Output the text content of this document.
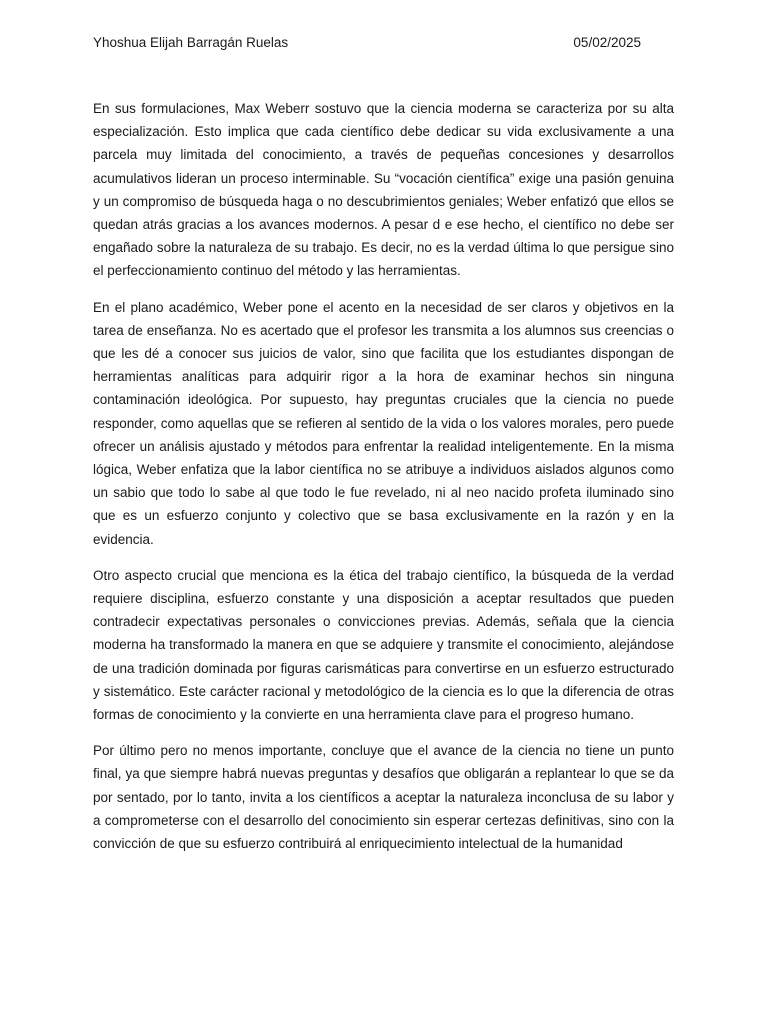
Yhoshua Elijah Barragán Ruelas	05/02/2025

En sus formulaciones, Max Weberr sostuvo que la ciencia moderna se caracteriza por su alta especialización. Esto implica que cada científico debe dedicar su vida exclusivamente a una parcela muy limitada del conocimiento, a través de pequeñas concesiones y desarrollos acumulativos lideran un proceso interminable. Su “vocación científica” exige una pasión genuina y un compromiso de búsqueda haga o no descubrimientos geniales; Weber enfatizó que ellos se quedan atrás gracias a los avances modernos. A pesar d e ese hecho, el científico no debe ser engañado sobre la naturaleza de su trabajo. Es decir, no es la verdad última lo que persigue sino el perfeccionamiento continuo del método y las herramientas.

En el plano académico, Weber pone el acento en la necesidad de ser claros y objetivos en la tarea de enseñanza. No es acertado que el profesor les transmita a los alumnos sus creencias o que les dé a conocer sus juicios de valor, sino que facilita que los estudiantes dispongan de herramientas analíticas para adquirir rigor a la hora de examinar hechos sin ninguna contaminación ideológica. Por supuesto, hay preguntas cruciales que la ciencia no puede responder, como aquellas que se refieren al sentido de la vida o los valores morales, pero puede ofrecer un análisis ajustado y métodos para enfrentar la realidad inteligentemente. En la misma lógica, Weber enfatiza que la labor científica no se atribuye a individuos aislados algunos como un sabio que todo lo sabe al que todo le fue revelado, ni al neo nacido profeta iluminado sino que es un esfuerzo conjunto y colectivo que se basa exclusivamente en la razón y en la evidencia.

Otro aspecto crucial que menciona es la ética del trabajo científico, la búsqueda de la verdad requiere disciplina, esfuerzo constante y una disposición a aceptar resultados que pueden contradecir expectativas personales o convicciones previas. Además, señala que la ciencia moderna ha transformado la manera en que se adquiere y transmite el conocimiento, alejándose de una tradición dominada por figuras carismáticas para convertirse en un esfuerzo estructurado y sistemático. Este carácter racional y metodológico de la ciencia es lo que la diferencia de otras formas de conocimiento y la convierte en una herramienta clave para el progreso humano.

Por último pero no menos importante, concluye que el avance de la ciencia no tiene un punto final, ya que siempre habrá nuevas preguntas y desafíos que obligarán a replantear lo que se da por sentado, por lo tanto, invita a los científicos a aceptar la naturaleza inconclusa de su labor y a comprometerse con el desarrollo del conocimiento sin esperar certezas definitivas, sino con la convicción de que su esfuerzo contribuirá al enriquecimiento intelectual de la humanidad
